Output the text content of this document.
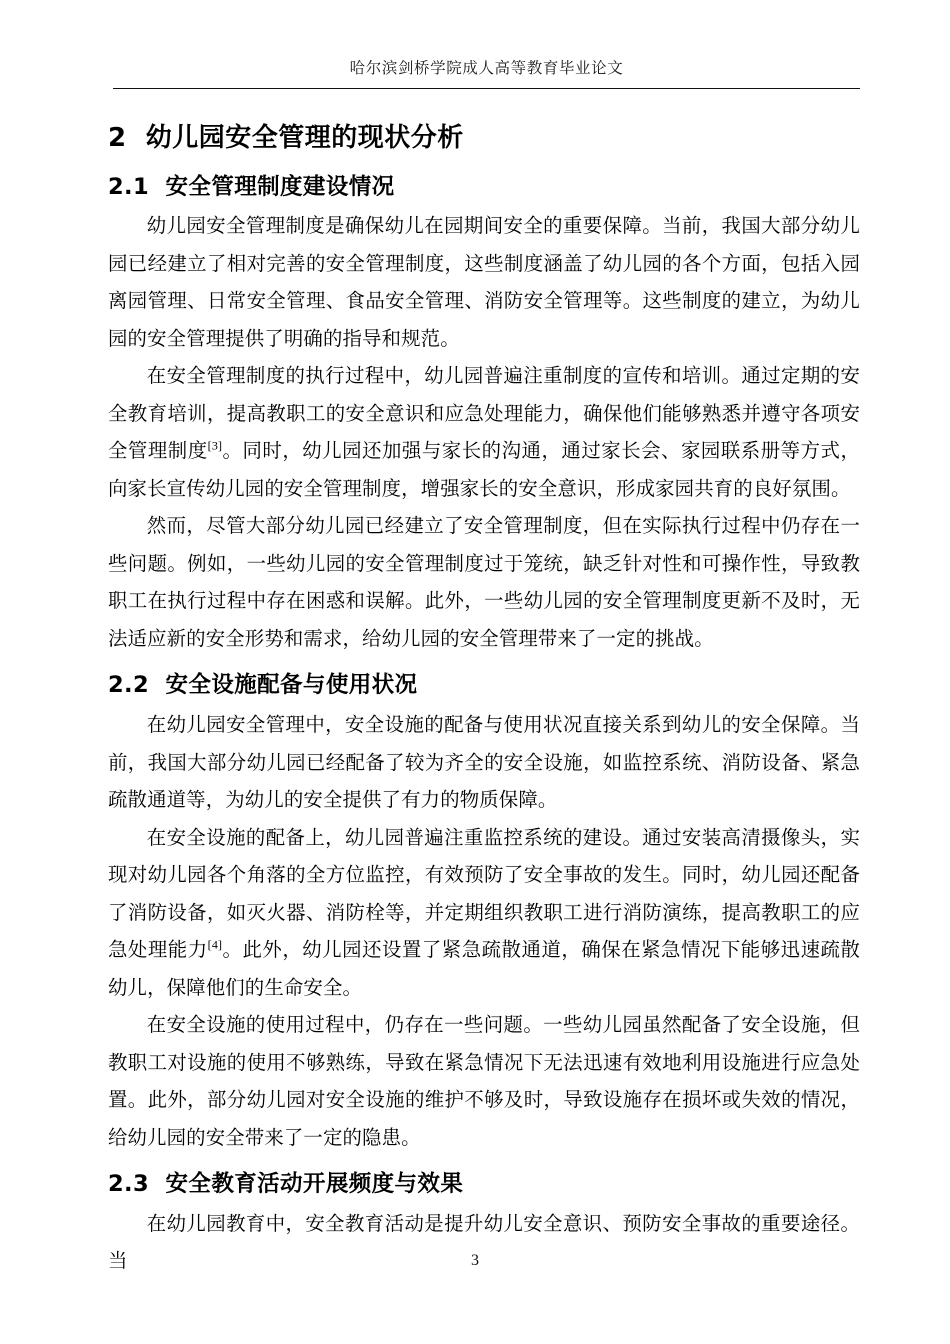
哈尔滨剑桥学院成人高等教育毕业论文
2  幼儿园安全管理的现状分析
2.1  安全管理制度建设情况

幼儿园安全管理制度是确保幼儿在园期间安全的重要保障。当前，我国大部分幼儿园已经建立了相对完善的安全管理制度，这些制度涵盖了幼儿园的各个方面，包括入园离园管理、日常安全管理、食品安全管理、消防安全管理等。这些制度的建立，为幼儿园的安全管理提供了明确的指导和规范。

在安全管理制度的执行过程中，幼儿园普遍注重制度的宣传和培训。通过定期的安全教育培训，提高教职工的安全意识和应急处理能力，确保他们能够熟悉并遵守各项安全管理制度[3]。同时，幼儿园还加强与家长的沟通，通过家长会、家园联系册等方式，向家长宣传幼儿园的安全管理制度，增强家长的安全意识，形成家园共育的良好氛围。

然而，尽管大部分幼儿园已经建立了安全管理制度，但在实际执行过程中仍存在一些问题。例如，一些幼儿园的安全管理制度过于笼统，缺乏针对性和可操作性，导致教职工在执行过程中存在困惑和误解。此外，一些幼儿园的安全管理制度更新不及时，无法适应新的安全形势和需求，给幼儿园的安全管理带来了一定的挑战。

2.2  安全设施配备与使用状况

在幼儿园安全管理中，安全设施的配备与使用状况直接关系到幼儿的安全保障。当前，我国大部分幼儿园已经配备了较为齐全的安全设施，如监控系统、消防设备、紧急疏散通道等，为幼儿的安全提供了有力的物质保障。

在安全设施的配备上，幼儿园普遍注重监控系统的建设。通过安装高清摄像头，实现对幼儿园各个角落的全方位监控，有效预防了安全事故的发生。同时，幼儿园还配备了消防设备，如灭火器、消防栓等，并定期组织教职工进行消防演练，提高教职工的应急处理能力[4]。此外，幼儿园还设置了紧急疏散通道，确保在紧急情况下能够迅速疏散幼儿，保障他们的生命安全。

在安全设施的使用过程中，仍存在一些问题。一些幼儿园虽然配备了安全设施，但教职工对设施的使用不够熟练，导致在紧急情况下无法迅速有效地利用设施进行应急处置。此外，部分幼儿园对安全设施的维护不够及时，导致设施存在损坏或失效的情况，给幼儿园的安全带来了一定的隐患。

2.3  安全教育活动开展频度与效果

在幼儿园教育中，安全教育活动是提升幼儿安全意识、预防安全事故的重要途径。当	3
